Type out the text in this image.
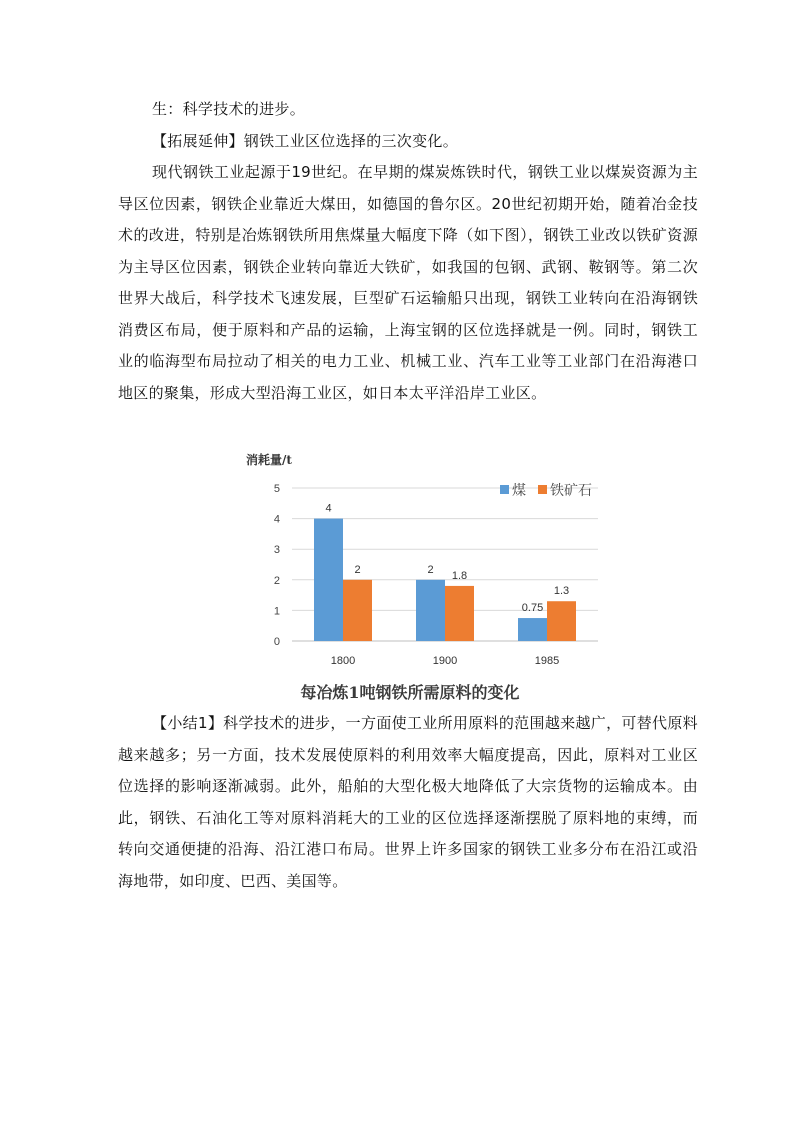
生：科学技术的进步。

【拓展延伸】钢铁工业区位选择的三次变化。

现代钢铁工业起源于19世纪。在早期的煤炭炼铁时代，钢铁工业以煤炭资源为主导区位因素，钢铁企业靠近大煤田，如德国的鲁尔区。20世纪初期开始，随着冶金技术的改进，特别是冶炼钢铁所用焦煤量大幅度下降（如下图），钢铁工业改以铁矿资源为主导区位因素，钢铁企业转向靠近大铁矿，如我国的包钢、武钢、鞍钢等。第二次世界大战后，科学技术飞速发展，巨型矿石运输船只出现，钢铁工业转向在沿海钢铁消费区布局，便于原料和产品的运输，上海宝钢的区位选择就是一例。同时，钢铁工业的临海型布局拉动了相关的电力工业、机械工业、汽车工业等工业部门在沿海港口地区的聚集，形成大型沿海工业区，如日本太平洋沿岸工业区。

消耗量/t
0
1
2
3
4
5
4
2
1800
2
1.8
1900
0.75
1.3
1985
煤 铁矿石
每冶炼1吨钢铁所需原料的变化

【小结1】科学技术的进步，一方面使工业所用原料的范围越来越广，可替代原料越来越多；另一方面，技术发展使原料的利用效率大幅度提高，因此，原料对工业区位选择的影响逐渐减弱。此外，船舶的大型化极大地降低了大宗货物的运输成本。由此，钢铁、石油化工等对原料消耗大的工业的区位选择逐渐摆脱了原料地的束缚，而转向交通便捷的沿海、沿江港口布局。世界上许多国家的钢铁工业多分布在沿江或沿海地带，如印度、巴西、美国等。
